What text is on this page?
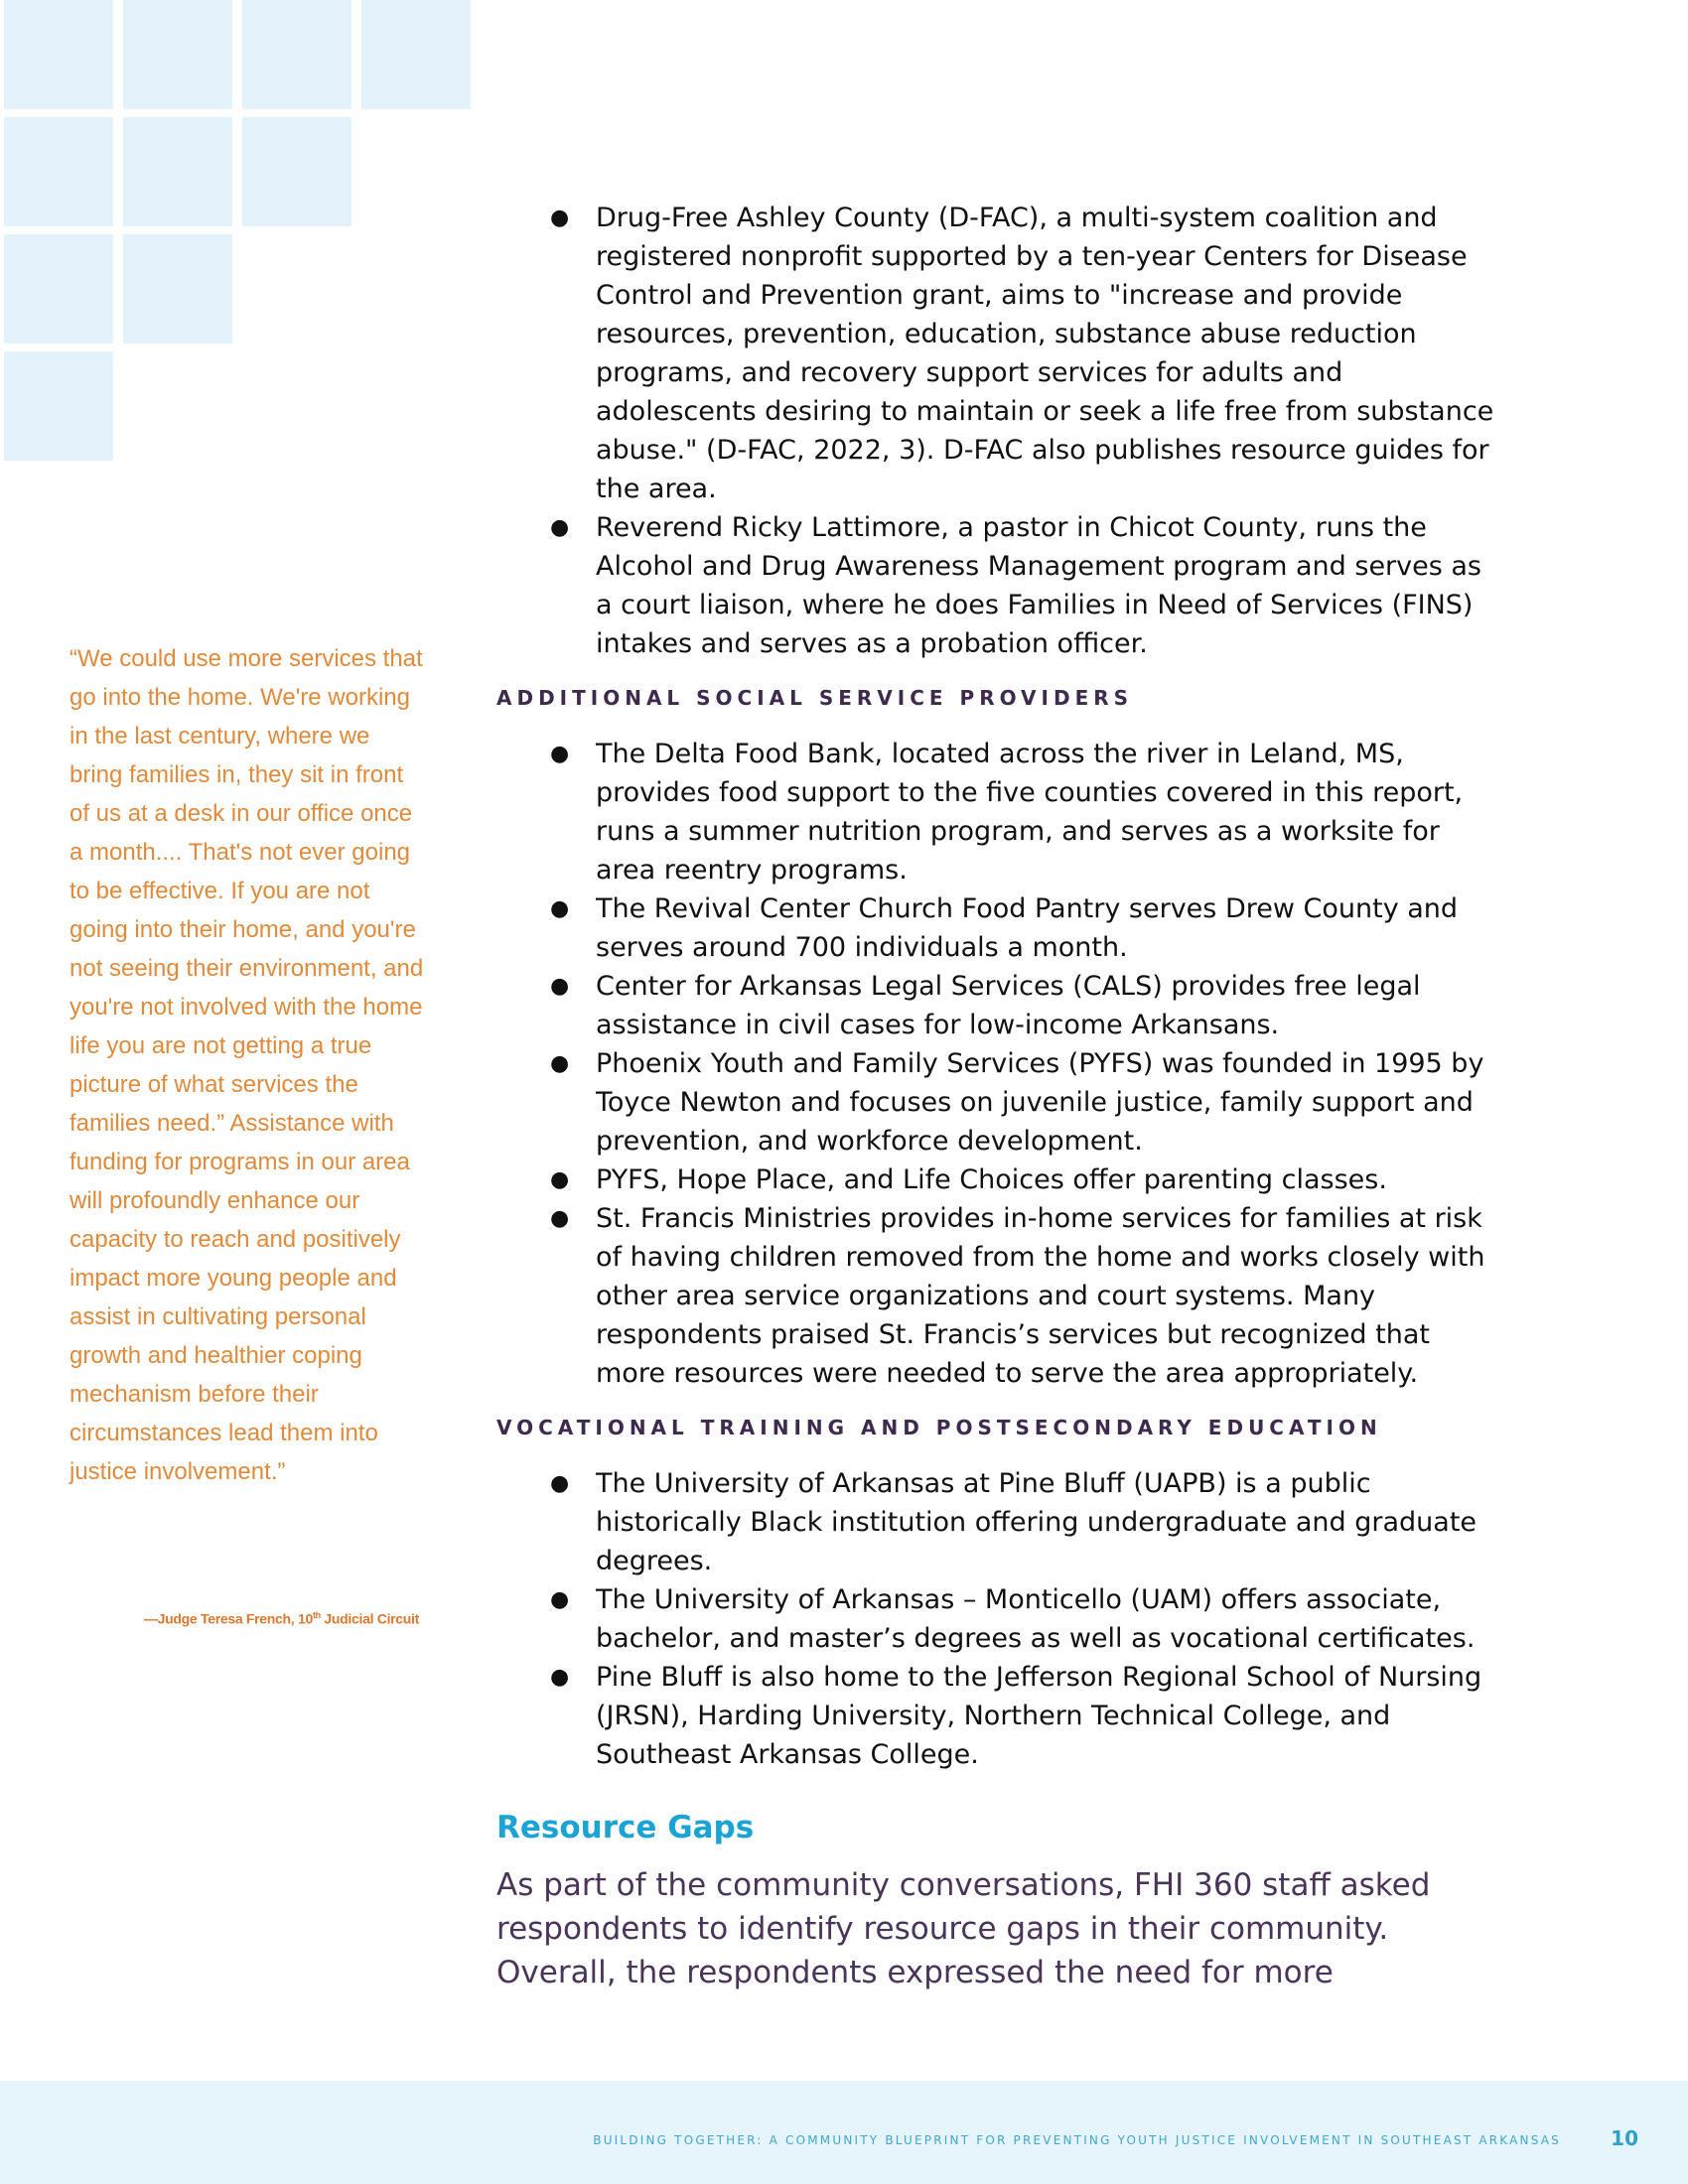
“We could use more services that go into the home. We're working in the last century, where we bring families in, they sit in front of us at a desk in our office once a month.... That's not ever going to be effective. If you are not going into their home, and you're not seeing their environment, and you're not involved with the home life you are not getting a true picture of what services the families need.” Assistance with funding for programs in our area will profoundly enhance our capacity to reach and positively impact more young people and assist in cultivating personal growth and healthier coping mechanism before their circumstances lead them into justice involvement.”
—Judge Teresa French, 10th Judicial Circuit
● Drug-Free Ashley County (D-FAC), a multi-system coalition and registered nonprofit supported by a ten-year Centers for Disease Control and Prevention grant, aims to "increase and provide resources, prevention, education, substance abuse reduction programs, and recovery support services for adults and adolescents desiring to maintain or seek a life free from substance abuse." (D-FAC, 2022, 3). D-FAC also publishes resource guides for the area.
● Reverend Ricky Lattimore, a pastor in Chicot County, runs the Alcohol and Drug Awareness Management program and serves as a court liaison, where he does Families in Need of Services (FINS) intakes and serves as a probation officer.
ADDITIONAL SOCIAL SERVICE PROVIDERS
● The Delta Food Bank, located across the river in Leland, MS, provides food support to the five counties covered in this report, runs a summer nutrition program, and serves as a worksite for area reentry programs.
● The Revival Center Church Food Pantry serves Drew County and serves around 700 individuals a month.
● Center for Arkansas Legal Services (CALS) provides free legal assistance in civil cases for low-income Arkansans.
● Phoenix Youth and Family Services (PYFS) was founded in 1995 by Toyce Newton and focuses on juvenile justice, family support and prevention, and workforce development.
● PYFS, Hope Place, and Life Choices offer parenting classes.
● St. Francis Ministries provides in-home services for families at risk of having children removed from the home and works closely with other area service organizations and court systems. Many respondents praised St. Francis’s services but recognized that more resources were needed to serve the area appropriately.
VOCATIONAL TRAINING AND POSTSECONDARY EDUCATION
● The University of Arkansas at Pine Bluff (UAPB) is a public historically Black institution offering undergraduate and graduate degrees.
● The University of Arkansas – Monticello (UAM) offers associate, bachelor, and master’s degrees as well as vocational certificates.
● Pine Bluff is also home to the Jefferson Regional School of Nursing (JRSN), Harding University, Northern Technical College, and Southeast Arkansas College.
Resource Gaps

As part of the community conversations, FHI 360 staff asked respondents to identify resource gaps in their community. Overall, the respondents expressed the need for more

BUILDING TOGETHER: A COMMUNITY BLUEPRINT FOR PREVENTING YOUTH JUSTICE INVOLVEMENT IN SOUTHEAST ARKANSAS	10
